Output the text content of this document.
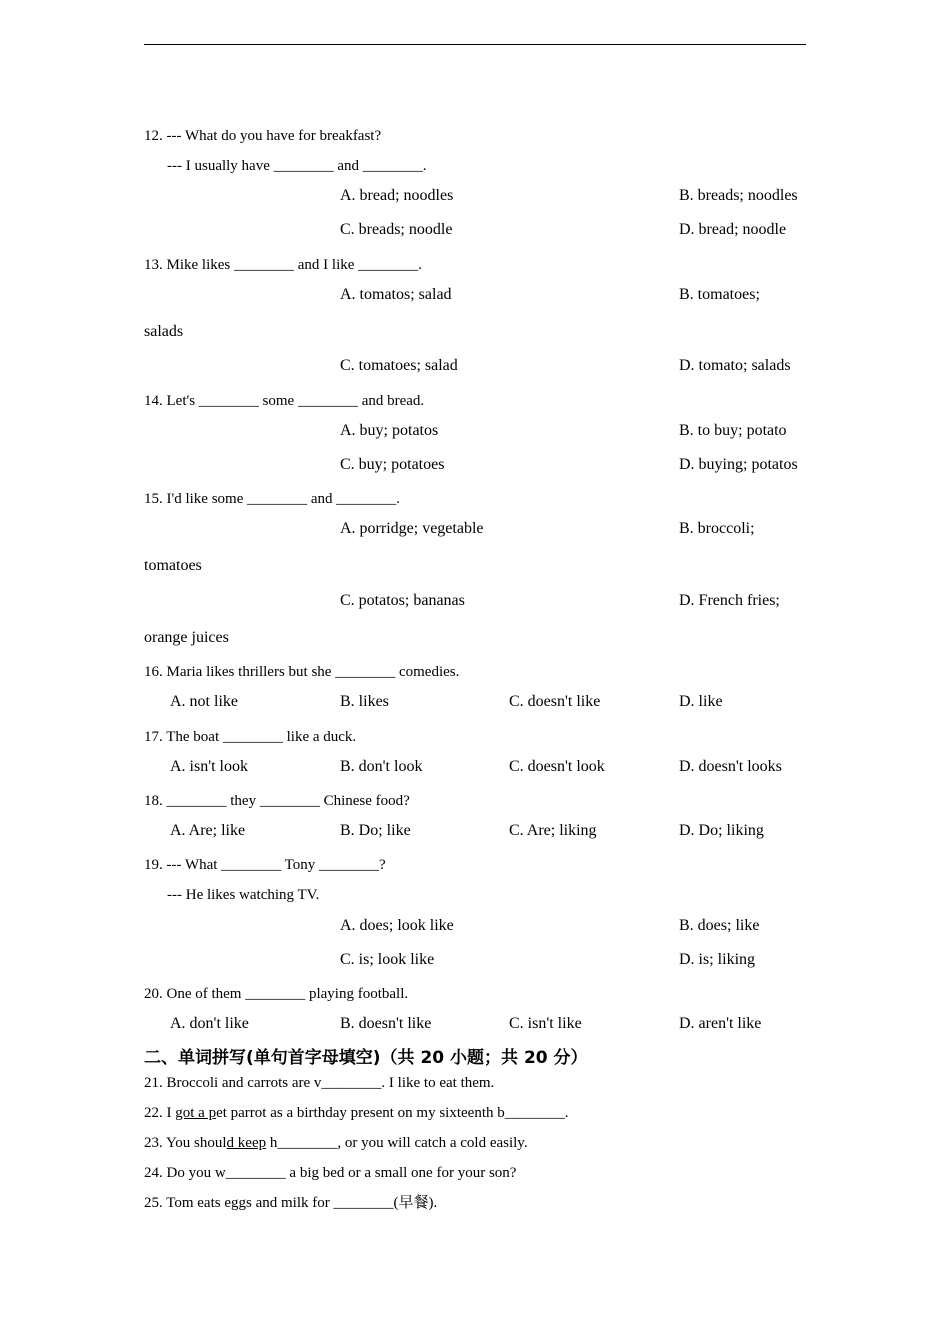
12. --- What do you have for breakfast?
--- I usually have ________ and ________.
A. bread; noodles	B. breads; noodles
C. breads; noodle	D. bread; noodle
13. Mike likes ________ and I like ________.
A. tomatos; salad	B. tomatoes;
salads
C. tomatoes; salad	D. tomato; salads
14. Let's ________ some ________ and bread.
A. buy; potatos	B. to buy; potato
C. buy; potatoes	D. buying; potatos
15. I'd like some ________ and ________.
A. porridge; vegetable	B. broccoli;
tomatoes
C. potatos; bananas	D. French fries;
orange juices
16. Maria likes thrillers but she ________ comedies.
A. not like	B. likes	C. doesn't like	D. like
17. The boat ________ like a duck.
A. isn't look	B. don't look	C. doesn't look	D. doesn't looks
18. ________ they ________ Chinese food?
A. Are; like	B. Do; like	C. Are; liking	D. Do; liking
19. --- What ________ Tony ________?
--- He likes watching TV.
A. does; look like	B. does; like
C. is; look like	D. is; liking
20. One of them ________ playing football.
A. don't like	B. doesn't like	C. isn't like	D. aren't like
二、单词拼写(单句首字母填空)（共 20 小题；共 20 分）
21. Broccoli and carrots are v________. I like to eat them.
22. I got a pet parrot as a birthday present on my sixteenth b________.
23. You should keep h________, or you will catch a cold easily.
24. Do you w________ a big bed or a small one for your son?
25. Tom eats eggs and milk for ________(早餐).
